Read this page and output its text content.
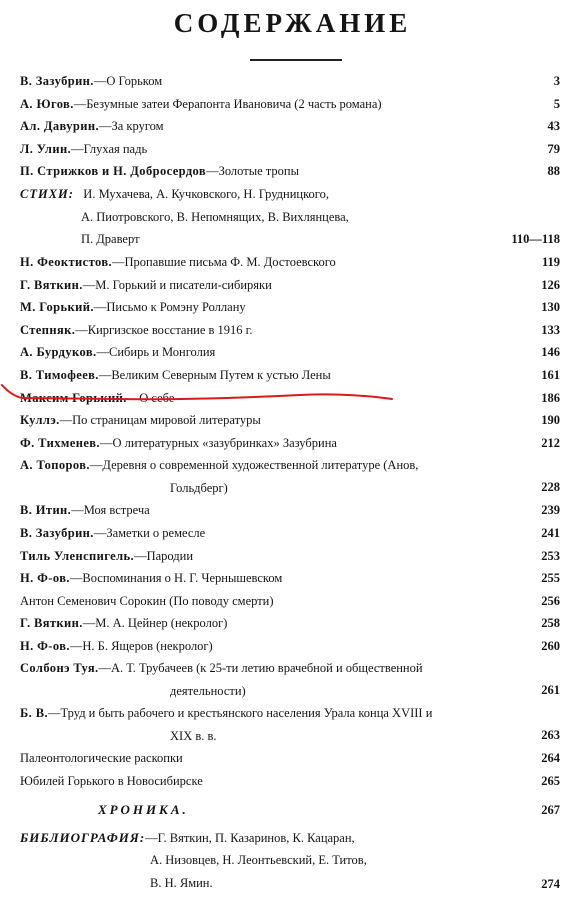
СОДЕРЖАНИЕ
В. Зазубрин.—О Горьком	3
А. Югов.—Безумные затеи Ферапонта Ивановича (2 часть романа)	5
Ал. Давурин.—За кругом	43
Л. Улин.—Глухая падь	79
П. Стрижков и Н. Добросердов—Золотые тропы	88
СТИХИ: И. Мухачева, А. Кучковского, Н. Грудницкого,
А. Пиотровского, В. Непомнящих, В. Вихлянцева,
П. Драверт	110—118
Н. Феоктистов.—Пропавшие письма Ф. М. Достоевского	119
Г. Вяткин.—М. Горький и писатели-сибиряки	126
М. Горький.—Письмо к Ромэну Роллану	130
Степняк.—Киргизское восстание в 1916 г.	133
А. Бурдуков.—Сибирь и Монголия	146
В. Тимофеев.—Великим Северным Путем к устью Лены	161
Максим Горький.—О себе	186
Куллэ.—По страницам мировой литературы	190
Ф. Тихменев.—О литературных «зазубринках» Зазубрина	212
А. Топоров.—Деревня о современной художественной литературе (Анов,
Гольдберг)	228
В. Итин.—Моя встреча	239
В. Зазубрин.—Заметки о ремесле	241
Тиль Уленспигель.—Пародии	253
Н. Ф-ов.—Воспоминания о Н. Г. Чернышевском	255
Антон Семенович Сорокин (По поводу смерти)	256
Г. Вяткин.—М. А. Цейнер (некролог)	258
Н. Ф-ов.—Н. Б. Ящеров (некролог)	260
Солбонэ Туя.—А. Т. Трубачеев (к 25-ти летию врачебной и общественной
деятельности)	261
Б. В.—Труд и быть рабочего и крестьянского населения Урала конца XVIII и
XIX в. в.	263
Палеонтологические раскопки	264
Юбилей Горького в Новосибирске	265
ХРОНИКА.	267
БИБЛИОГРАФИЯ:—Г. Вяткин, П. Казаринов, К. Кацаран,
А. Низовцев, Н. Леонтьевский, Е. Титов,
В. Н. Ямин.	274
